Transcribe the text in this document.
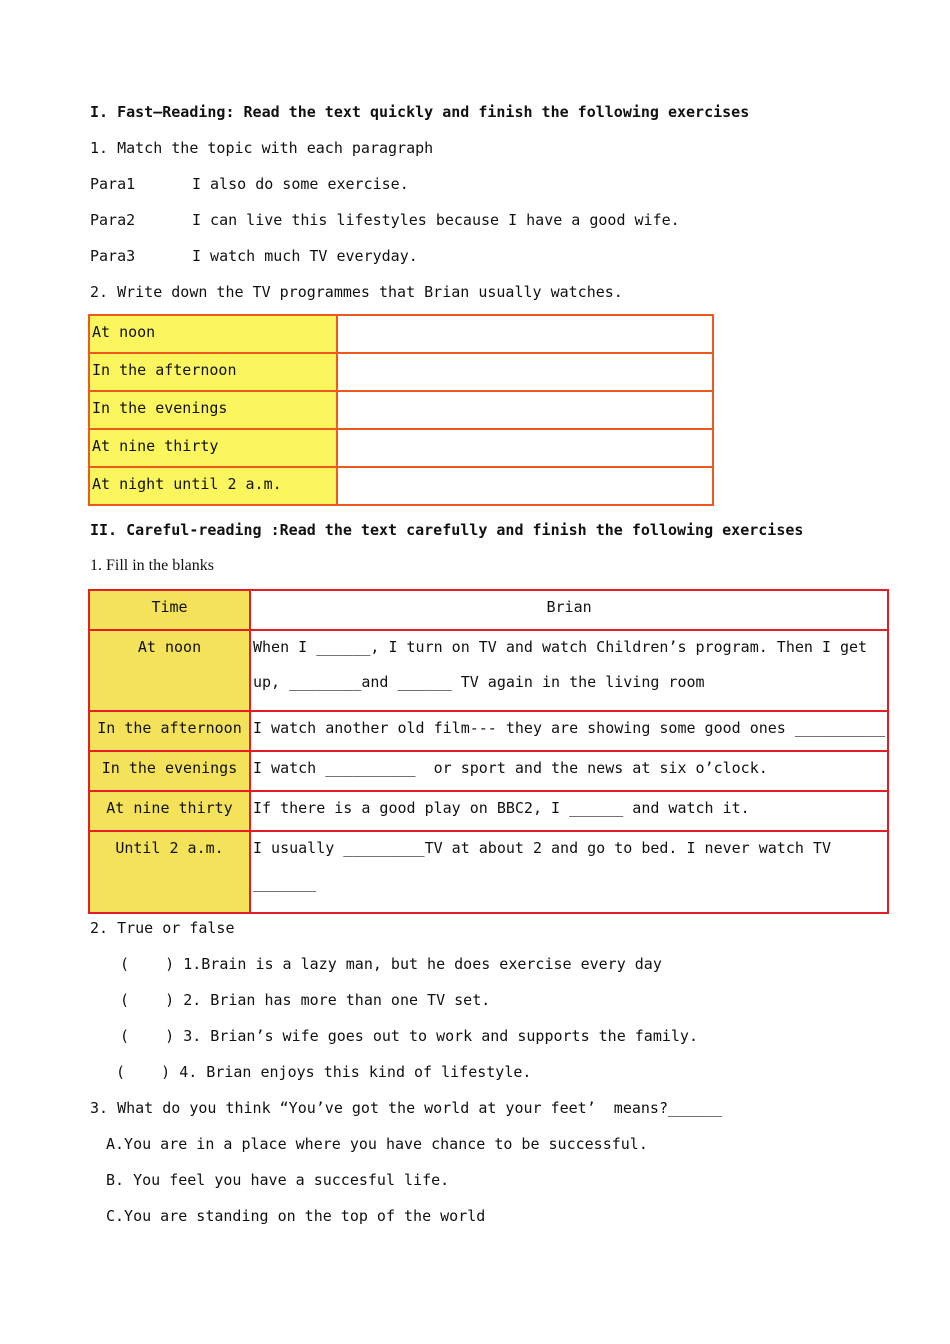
I. Fast—Reading: Read the text quickly and finish the following exercises
1. Match the topic with each paragraph
Para1	I also do some exercise.
Para2	I can live this lifestyles because I have a good wife.
Para3	I watch much TV everyday.
2. Write down the TV programmes that Brian usually watches.
At noon	
In the afternoon	
In the evenings	
At nine thirty	
At night until 2 a.m.	
II. Careful-reading :Read the text carefully and finish the following exercises
1. Fill in the blanks
Time	Brian

At noon	When I ______, I turn on TV and watch Children’s program. Then I get
up, ________and ______ TV again in the living room

In the afternoon	I watch another old film--- they are showing some good ones __________

In the evenings	I watch __________  or sport and the news at six o’clock.

At nine thirty	If there is a good play on BBC2, I ______ and watch it.

Until 2 a.m.	I usually _________TV at about 2 and go to bed. I never watch TV
_______
2. True or false
(    ) 1.Brain is a lazy man, but he does exercise every day
(    ) 2. Brian has more than one TV set.
(    ) 3. Brian’s wife goes out to work and supports the family.
(    ) 4. Brian enjoys this kind of lifestyle.
3. What do you think “You’ve got the world at your feet’  means?______
A.You are in a place where you have chance to be successful.
B. You feel you have a succesful life.
C.You are standing on the top of the world
